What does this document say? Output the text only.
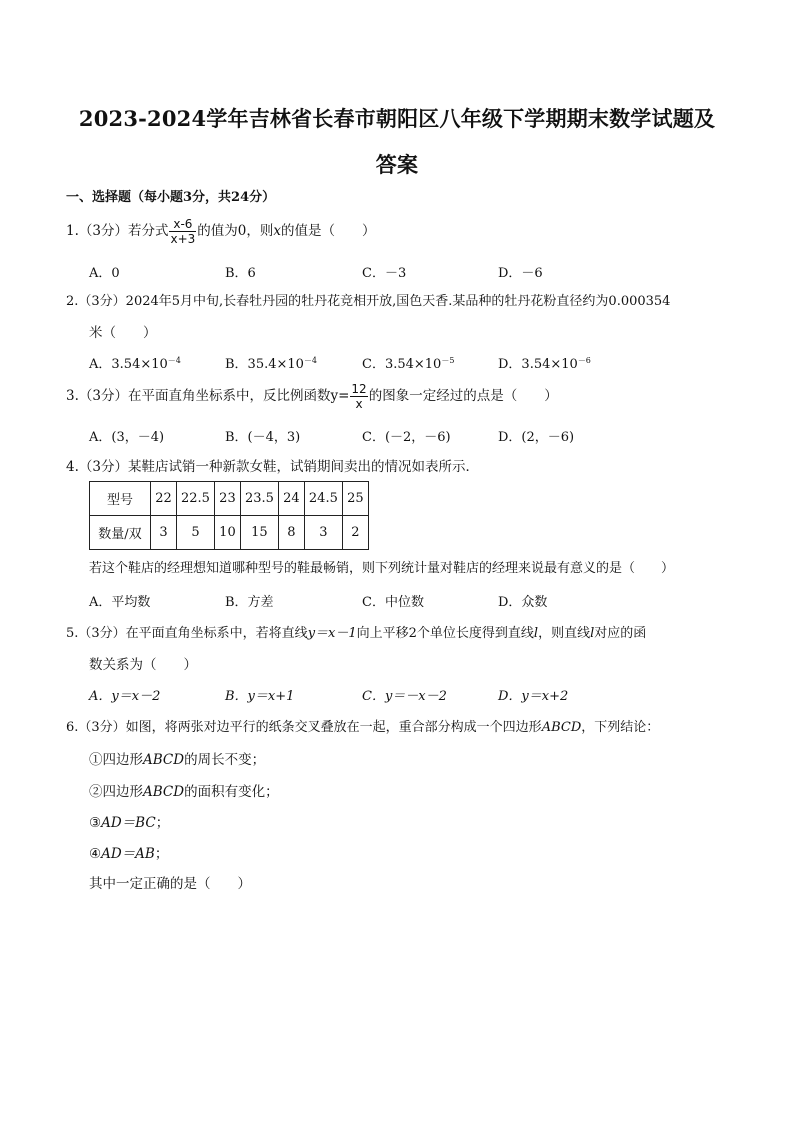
2023-2024学年吉林省长春市朝阳区八年级下学期期末数学试题及答案
一、选择题（每小题3分，共24分）
1.（3分）若分式 $\frac{x-6}{x+3}$ 的值为0，则x的值是（　　）
A．0	B．6	C．－3	D．－6
2.（3分）2024年5月中旬,长春牡丹园的牡丹花竞相开放,国色天香.某品种的牡丹花粉直径约为0.000354
米（　　）
A．$3.54\times 10^{-4}$	B．$35.4\times 10^{-4}$	C．$3.54\times 10^{-5}$	D．$3.54\times 10^{-6}$
3.（3分）在平面直角坐标系中，反比例函数$y= \frac{12}{x}$ 的图象一定经过的点是（　　）
A．(3，－4)	B．(－4，3)	C．(－2，－6)	D．(2，－6)
4.（3分）某鞋店试销一种新款女鞋，试销期间卖出的情况如表所示．
型号	22	22.5	23	23.5	24	24.5	25
数量/双	3	5	10	15	8	3	2
若这个鞋店的经理想知道哪种型号的鞋最畅销，则下列统计量对鞋店的经理来说最有意义的是（　　）
A．平均数	B．方差	C．中位数	D．众数
5.（3分）在平面直角坐标系中，若将直线y＝x－1向上平移2个单位长度得到直线l，则直线l对应的函
数关系为（　　）
A．y＝x－2	B．y＝x+1	C．y＝－x－2	D．y＝x+2
6.（3分）如图，将两张对边平行的纸条交叉叠放在一起，重合部分构成一个四边形ABCD，下列结论：
①四边形ABCD的周长不变；
②四边形ABCD的面积有变化；
③AD＝BC；
④AD＝AB；
其中一定正确的是（　　）
